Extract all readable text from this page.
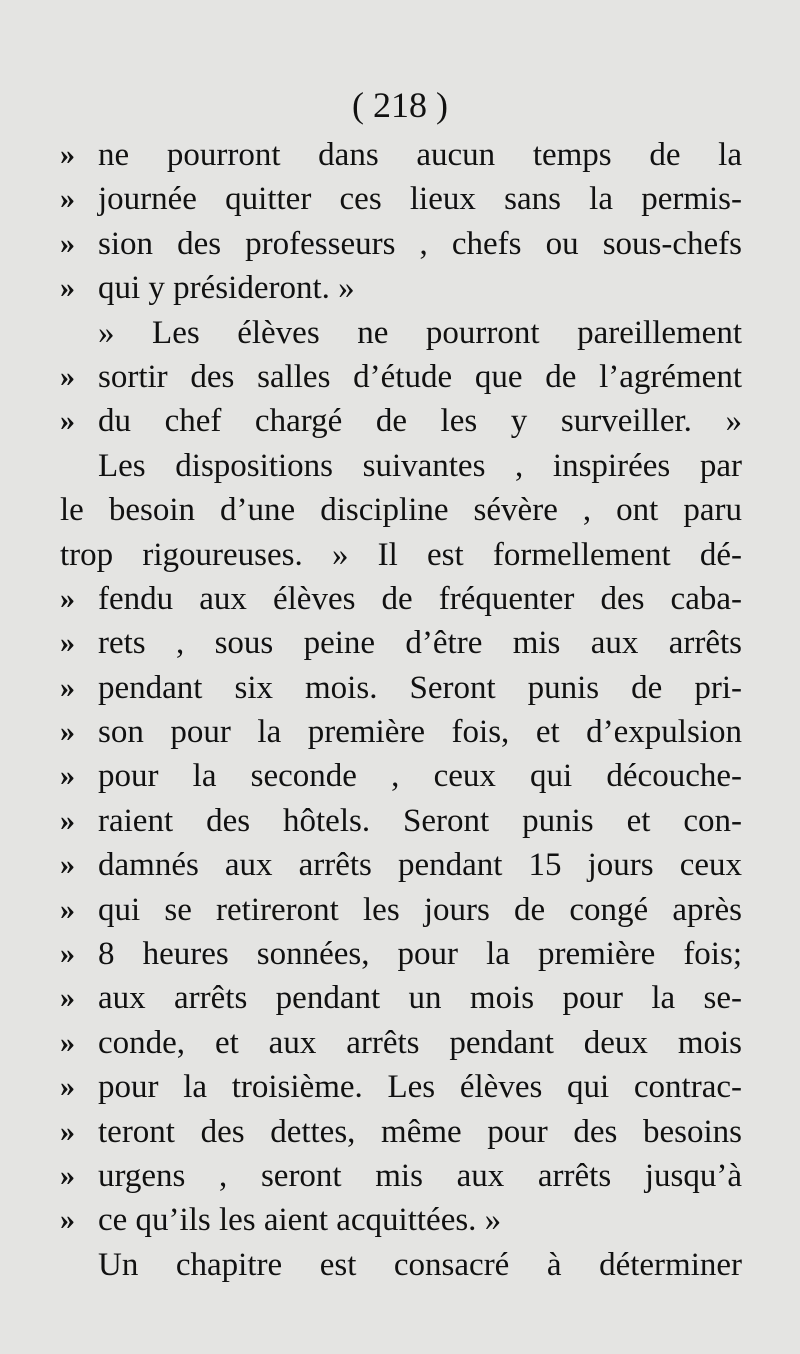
( 218 )
» ne pourront dans aucun temps de la
» journée quitter ces lieux sans la permis-
» sion des professeurs , chefs ou sous-chefs
» qui y présideront. »
» Les élèves ne pourront pareillement
» sortir des salles d’étude que de l’agrément
» du chef chargé de les y surveiller. »
Les dispositions suivantes , inspirées par
le besoin d’une discipline sévère , ont paru
trop rigoureuses. » Il est formellement dé-
» fendu aux élèves de fréquenter des caba-
» rets , sous peine d’être mis aux arrêts
» pendant six mois. Seront punis de pri-
» son pour la première fois, et d’expulsion
» pour la seconde , ceux qui découche-
» raient des hôtels. Seront punis et con-
» damnés aux arrêts pendant 15 jours ceux
» qui se retireront les jours de congé après
» 8 heures sonnées, pour la première fois;
» aux arrêts pendant un mois pour la se-
» conde, et aux arrêts pendant deux mois
» pour la troisième. Les élèves qui contrac-
» teront des dettes, même pour des besoins
» urgens , seront mis aux arrêts jusqu’à
» ce qu’ils les aient acquittées. »
Un chapitre est consacré à déterminer
